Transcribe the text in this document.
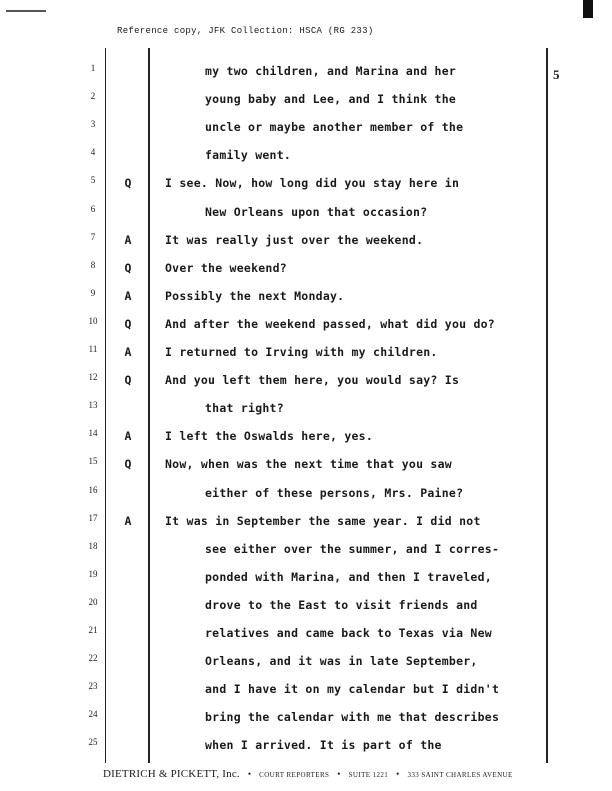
Reference copy, JFK Collection: HSCA (RG 233)
5
1	my two children, and Marina and her
2	young baby and Lee, and I think the
3	uncle or maybe another member of the
4	family went.
5	Q	I see. Now, how long did you stay here in
6	New Orleans upon that occasion?
7	A	It was really just over the weekend.
8	Q	Over the weekend?
9	A	Possibly the next Monday.
10	Q	And after the weekend passed, what did you do?
11	A	I returned to Irving with my children.
12	Q	And you left them here, you would say? Is
13	that right?
14	A	I left the Oswalds here, yes.
15	Q	Now, when was the next time that you saw
16	either of these persons, Mrs. Paine?
17	A	It was in September the same year. I did not
18	see either over the summer, and I corres-
19	ponded with Marina, and then I traveled,
20	drove to the East to visit friends and
21	relatives and came back to Texas via New
22	Orleans, and it was in late September,
23	and I have it on my calendar but I didn't
24	bring the calendar with me that describes
25	when I arrived. It is part of the
DIETRICH & PICKETT, Inc. • COURT REPORTERS • SUITE 1221 • 333 SAINT CHARLES AVENUE
